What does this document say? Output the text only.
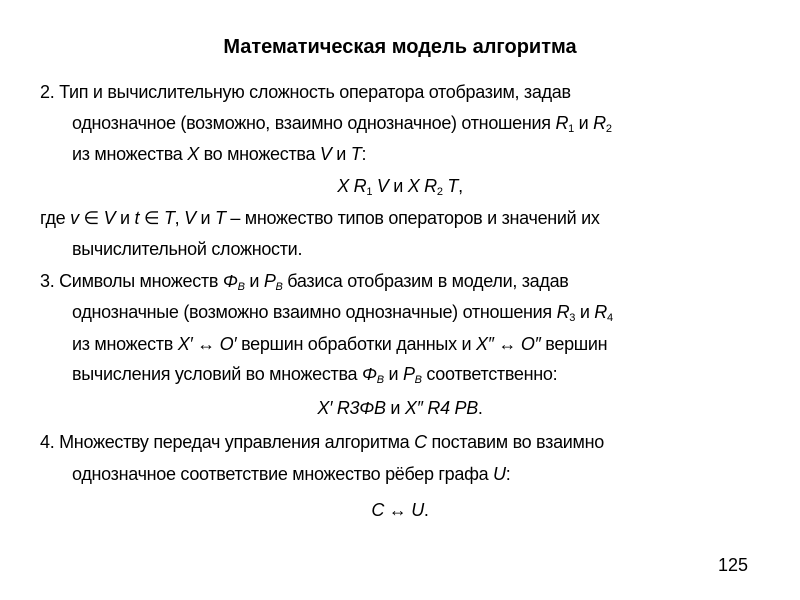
Математическая модель алгоритма
2. Тип и вычислительную сложность оператора отобразим, задав
однозначное (возможно, взаимно однозначное) отношения $R_1$ и $R_2$
из множества X во множества V и T:
X $R_1$ V и X $R_2$ T,
где v ∈ V и t ∈ T, V и T – множество типов операторов и значений их
вычислительной сложности.
3. Символы множеств $\Phi_B$ и $P_B$ базиса отобразим в модели, задав
однозначные (возможно взаимно однозначные) отношения $R_3$ и $R_4$
из множеств X′ ↔ O′ вершин обработки данных и X″ ↔ O″ вершин
вычисления условий во множества $\Phi_B$ и $P_B$ соответственно:
X′ R3ΦB и X″ R4 PB.
4. Множеству передач управления алгоритма C поставим во взаимно
однозначное соответствие множество рёбер графа U:
C ↔ U.
125
